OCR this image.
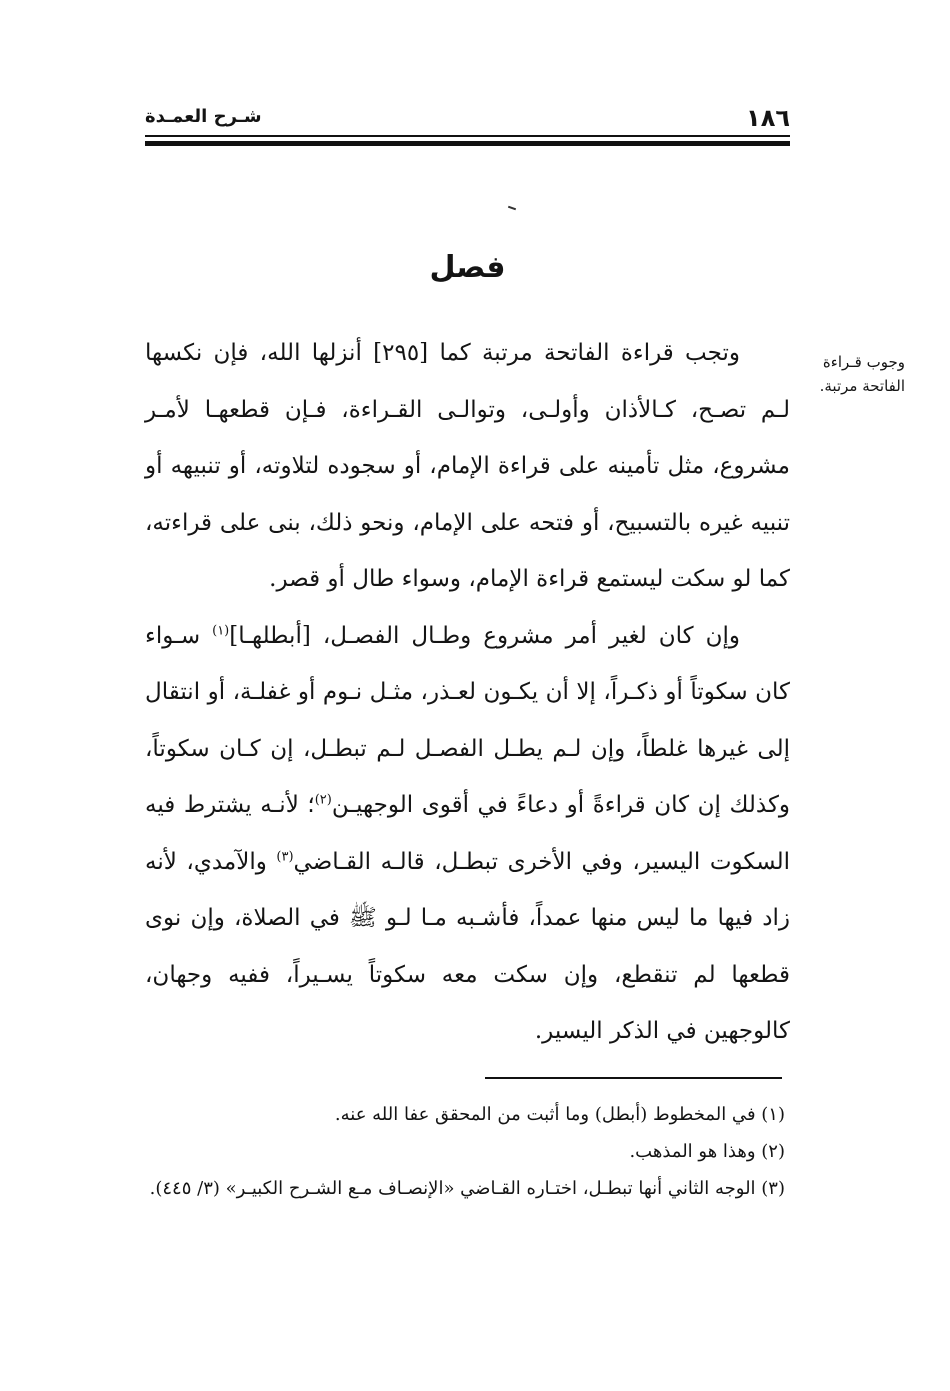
١٨٦
شـرح العمـدة
فصل
وجوب قـراءة الفاتحة مرتبة.

وتجب قراءة الفاتحة مرتبة كما [٢٩٥] أنزلها الله، فإن نكسها لـم تصـح، كـالأذان وأولـى، وتوالـى القـراءة، فـإن قطعهـا لأمـر مشروع، مثل تأمينه على قراءة الإمام، أو سجوده لتلاوته، أو تنبيهه أو تنبيه غيره بالتسبيح، أو فتحه على الإمام، ونحو ذلك، بنى على قراءته، كما لو سكت ليستمع قراءة الإمام، وسواء طال أو قصر.

وإن كان لغير أمر مشروع وطـال الفصـل، [أبطلهـا]$^{(١)}$ سـواء كان سكوتاً أو ذكـراً، إلا أن يكـون لعـذر، مثـل نـوم أو غفلـة، أو انتقال إلى غيرها غلطاً، وإن لـم يطـل الفصـل لـم تبطـل، إن كـان سكوتاً، وكذلك إن كان قراءةً أو دعاءً في أقوى الوجهيـن$^{(٢)}$؛ لأنـه يشترط فيه السكوت اليسير، وفي الأخرى تبطـل، قالـه القـاضي$^{(٣)}$ والآمدي، لأنه زاد فيها ما ليس منها عمداً، فأشـبه مـا لـو ﷺ في الصلاة، وإن نوى قطعها لم تنقطع، وإن سكت معه سكوتاً يسـيراً، ففيه وجهان، كالوجهين في الذكر اليسير.

(١) في المخطوط (أبطل) وما أثبت من المحقق عفا الله عنه.
(٢) وهذا هو المذهب.
(٣) الوجه الثاني أنها تبطـل، اختـاره القـاضي «الإنصـاف مـع الشـرح الكبيـر» (٣/ ٤٤٥).
